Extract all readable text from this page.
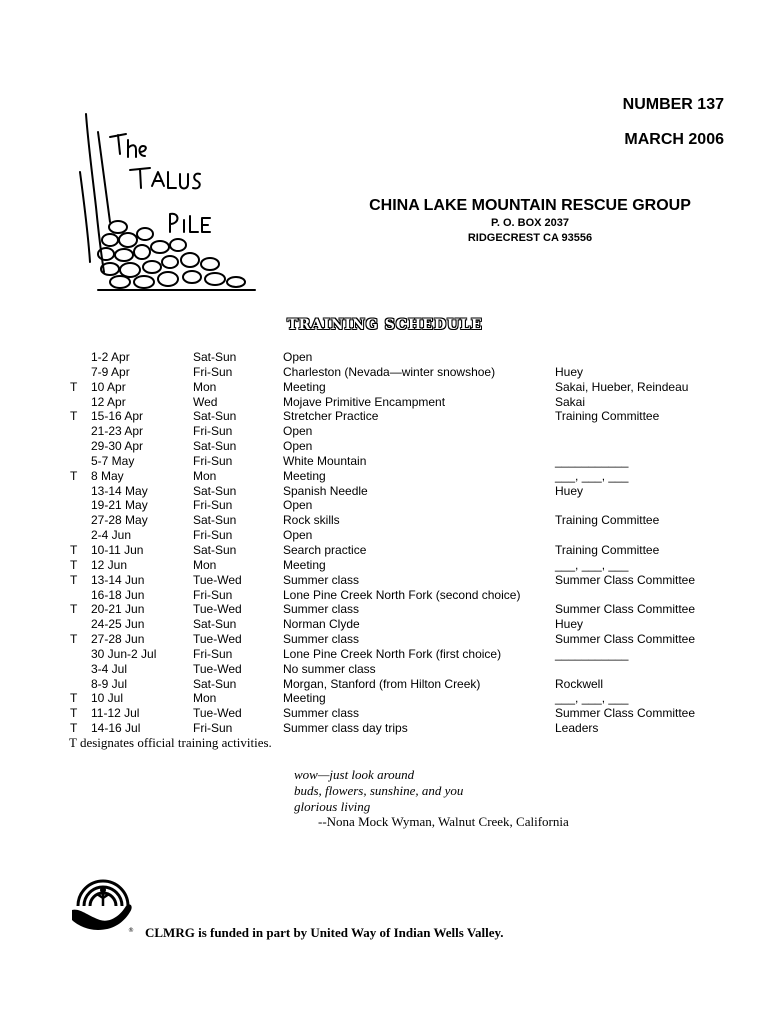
NUMBER 137
MARCH 2006
CHINA LAKE MOUNTAIN RESCUE GROUP
P. O. BOX 2037
RIDGECREST CA 93556
TRAINING SCHEDULE
1-2 Apr	Sat-Sun	Open
7-9 Apr	Fri-Sun	Charleston (Nevada—winter snowshoe)	Huey
T 10 Apr	Mon	Meeting	Sakai, Hueber, Reindeau
12 Apr	Wed	Mojave Primitive Encampment	Sakai
T 15-16 Apr	Sat-Sun	Stretcher Practice	Training Committee
21-23 Apr	Fri-Sun	Open
29-30 Apr	Sat-Sun	Open
5-7 May	Fri-Sun	White Mountain	___________
T 8 May	Mon	Meeting	___, ___, ___
13-14 May	Sat-Sun	Spanish Needle	Huey
19-21 May	Fri-Sun	Open
27-28 May	Sat-Sun	Rock skills	Training Committee
2-4 Jun	Fri-Sun	Open
T 10-11 Jun	Sat-Sun	Search practice	Training Committee
T 12 Jun	Mon	Meeting	___, ___, ___
T 13-14 Jun	Tue-Wed	Summer class	Summer Class Committee
16-18 Jun	Fri-Sun	Lone Pine Creek North Fork (second choice)
T 20-21 Jun	Tue-Wed	Summer class	Summer Class Committee
24-25 Jun	Sat-Sun	Norman Clyde	Huey
T 27-28 Jun	Tue-Wed	Summer class	Summer Class Committee
30 Jun-2 Jul	Fri-Sun	Lone Pine Creek North Fork (first choice)	___________
3-4 Jul	Tue-Wed	No summer class
8-9 Jul	Sat-Sun	Morgan, Stanford (from Hilton Creek)	Rockwell
T 10 Jul	Mon	Meeting	___, ___, ___
T 11-12 Jul	Tue-Wed	Summer class	Summer Class Committee
T 14-16 Jul	Fri-Sun	Summer class day trips	Leaders
T designates official training activities.
wow—just look around
buds, flowers, sunshine, and you
glorious living
--Nona Mock Wyman, Walnut Creek, California
® CLMRG is funded in part by United Way of Indian Wells Valley.
